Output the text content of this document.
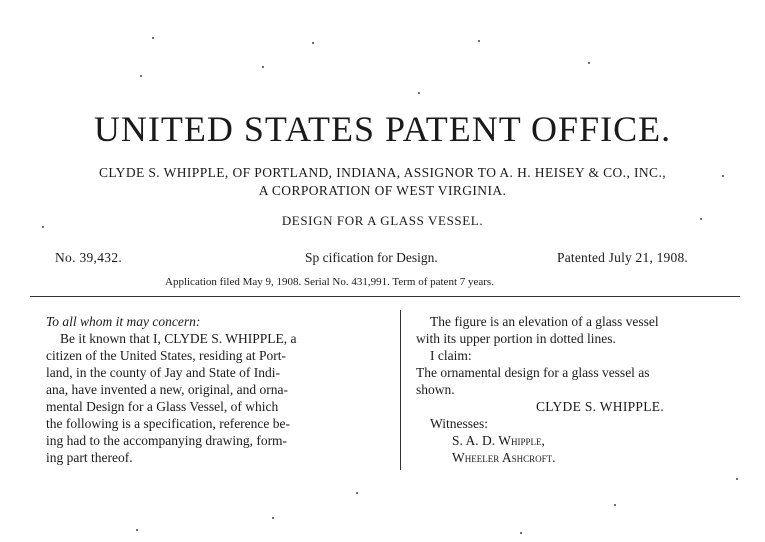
UNITED STATES PATENT OFFICE.
CLYDE S. WHIPPLE, OF PORTLAND, INDIANA, ASSIGNOR TO A. H. HEISEY & CO., INC.,
A CORPORATION OF WEST VIRGINIA.
DESIGN FOR A GLASS VESSEL.
No. 39,432.	Sp cification for Design.	Patented July 21, 1908.
Application filed May 9, 1908. Serial No. 431,991. Term of patent 7 years.
To all whom it may concern:
Be it known that I, CLYDE S. WHIPPLE, a
citizen of the United States, residing at Port-
land, in the county of Jay and State of Indi-
ana, have invented a new, original, and orna-
mental Design for a Glass Vessel, of which
the following is a specification, reference be-
ing had to the accompanying drawing, form-
ing part thereof.
The figure is an elevation of a glass vessel
with its upper portion in dotted lines.
I claim:
The ornamental design for a glass vessel as
shown.
CLYDE S. WHIPPLE.
Witnesses:
S. A. D. Whipple,
Wheeler Ashcroft.
